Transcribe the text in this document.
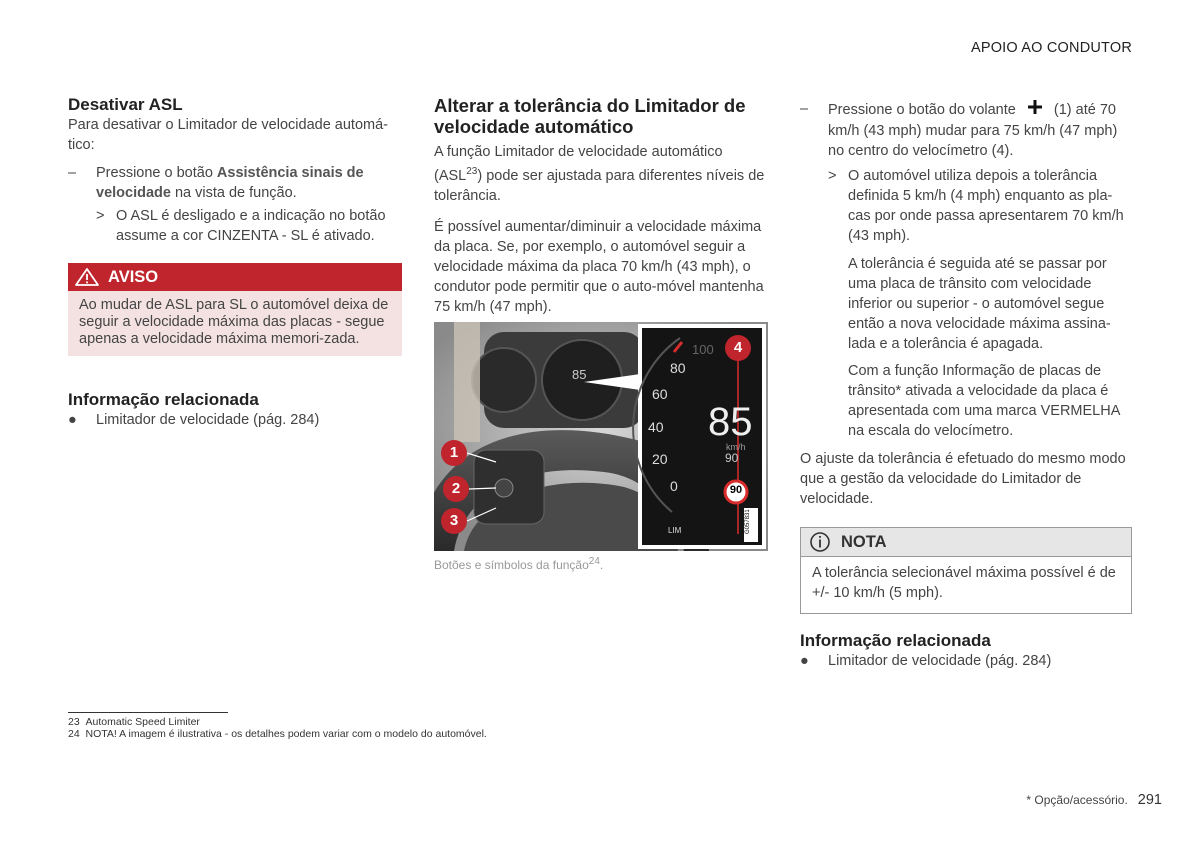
APOIO AO CONDUTOR
Desativar ASL

Para desativar o Limitador de velocidade automá-tico:

– Pressione o botão Assistência sinais de velocidade na vista de função.
> O ASL é desligado e a indicação no botão assume a cor CINZENTA - SL é ativado.
AVISO
Ao mudar de ASL para SL o automóvel deixa de seguir a velocidade máxima das placas - segue apenas a velocidade máxima memori-zada.
Informação relacionada
● Limitador de velocidade (pág. 284)
Alterar a tolerância do Limitador de velocidade automático

A função Limitador de velocidade automático (ASL$^{23}$) pode ser ajustada para diferentes níveis de tolerância.

É possível aumentar/diminuir a velocidade máxima da placa. Se, por exemplo, o automóvel seguir a velocidade máxima da placa 70 km/h (43 mph), o condutor pode permitir que o auto-móvel mantenha 75 km/h (47 mph).

1
2
3
4
85
100
80
60
40
20
0
85
km/h
90
90
LIM	G057831
Botões e símbolos da função$^{24}$.
– Pressione o botão do volante	(1) até 70 km/h (43 mph) mudar para 75 km/h (47 mph) no centro do velocímetro (4).
> O automóvel utiliza depois a tolerância definida 5 km/h (4 mph) enquanto as pla-cas por onde passa apresentarem 70 km/h (43 mph).

A tolerância é seguida até se passar por uma placa de trânsito com velocidade inferior ou superior - o automóvel segue então a nova velocidade máxima assina-lada e a tolerância é apagada.

Com a função Informação de placas de trânsito* ativada a velocidade da placa é apresentada com uma marca VERMELHA na escala do velocímetro.

O ajuste da tolerância é efetuado do mesmo modo que a gestão da velocidade do Limitador de velocidade.

NOTA
A tolerância selecionável máxima possível é de +/- 10 km/h (5 mph).
Informação relacionada
● Limitador de velocidade (pág. 284)
23 Automatic Speed Limiter
24 NOTA! A imagem é ilustrativa - os detalhes podem variar com o modelo do automóvel.
* Opção/acessório. 291
